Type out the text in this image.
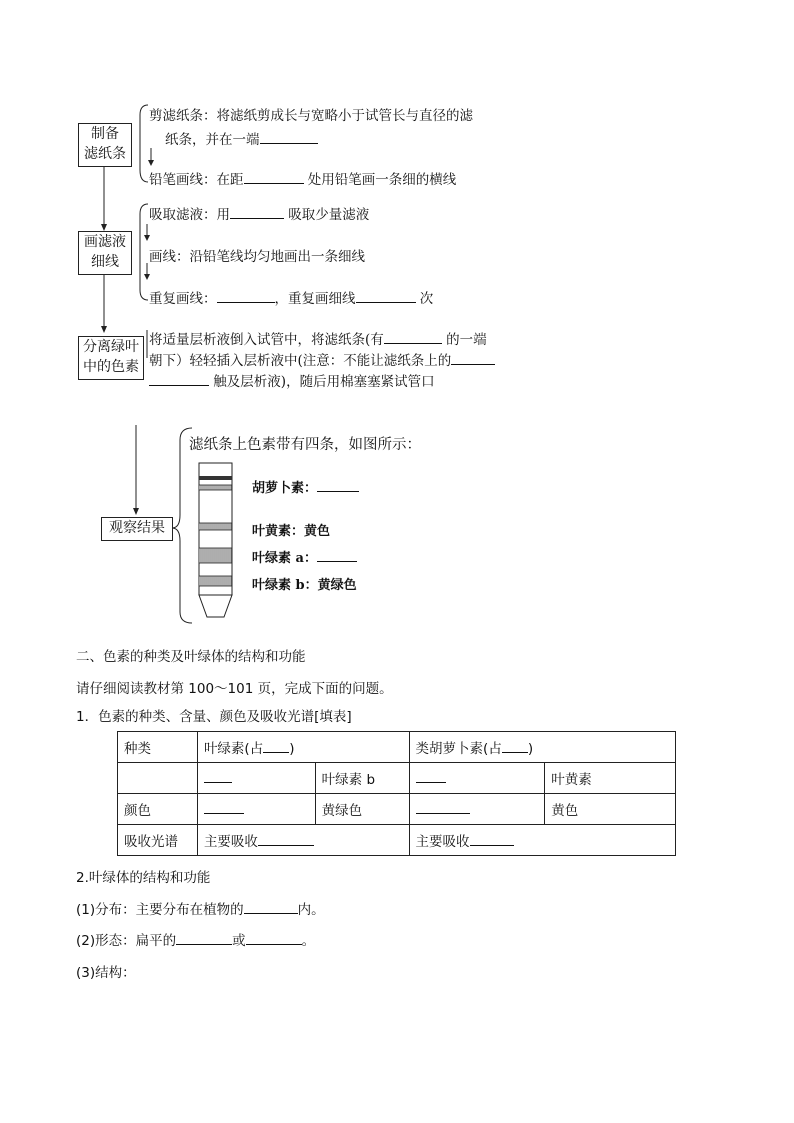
制备
滤纸条
剪滤纸条：将滤纸剪成长与宽略小于试管长与直径的滤
纸条，并在一端
铅笔画线：在距	处用铅笔画一条细的横线
画滤液
细线
吸取滤液：用	吸取少量滤液
画线：沿铅笔线均匀地画出一条细线
重复画线：	，重复画细线	次
分离绿叶
中的色素
将适量层析液倒入试管中，将滤纸条(有	的一端
朝下）轻轻插入层析液中(注意：不能让滤纸条上的
触及层析液)，随后用棉塞塞紧试管口
观察结果
滤纸条上色素带有四条，如图所示：
胡萝卜素：
叶黄素：黄色
叶绿素 a：
叶绿素 b：黄绿色
二、色素的种类及叶绿体的结构和功能
请仔细阅读教材第 100～101 页，完成下面的问题。
1．色素的种类、含量、颜色及吸收光谱[填表]
种类	叶绿素(占 )		类胡萝卜素(占 )	
		叶绿素 b		叶黄素
颜色		黄绿色		黄色
吸收光谱	主要吸收		主要吸收	
2.叶绿体的结构和功能
(1)分布：主要分布在植物的	内。
(2)形态：扁平的	或	。
(3)结构：
